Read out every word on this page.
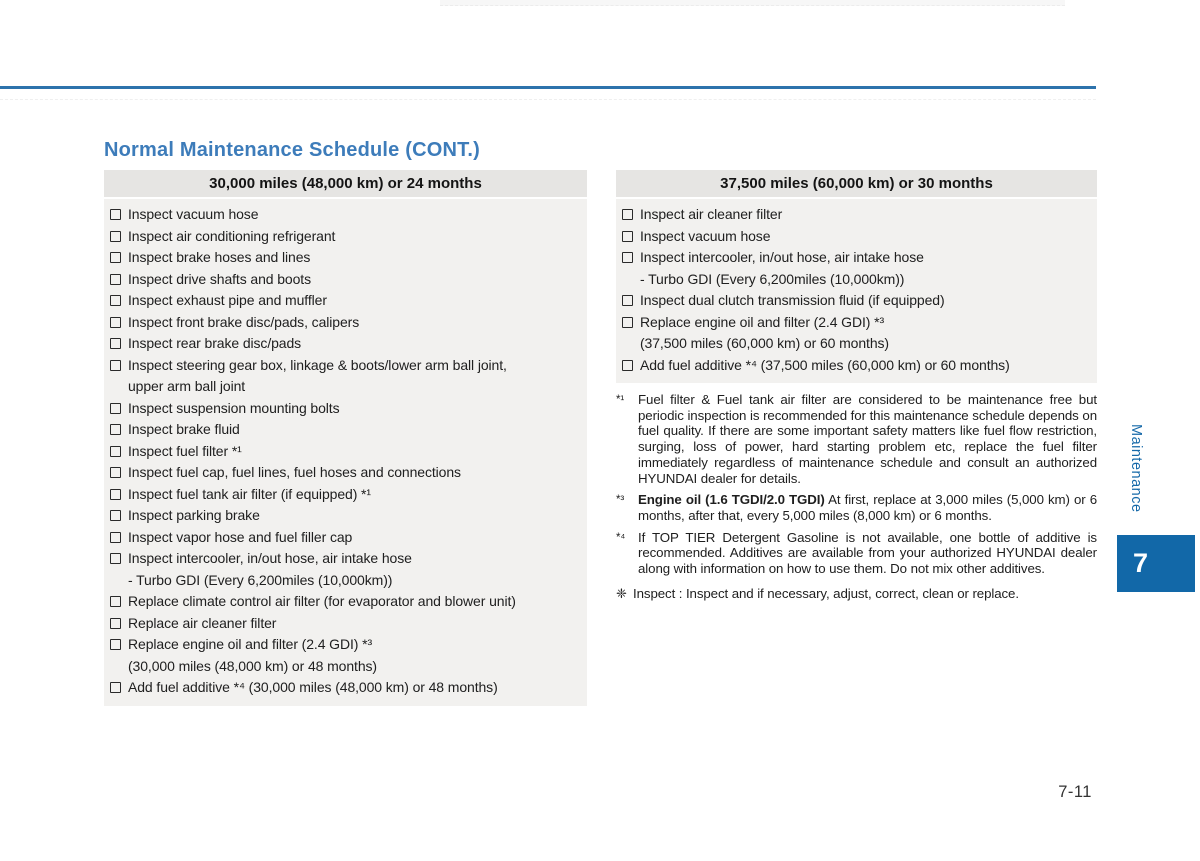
Normal Maintenance Schedule (CONT.)
30,000 miles (48,000 km) or 24 months
Inspect vacuum hose
Inspect air conditioning refrigerant
Inspect brake hoses and lines
Inspect drive shafts and boots
Inspect exhaust pipe and muffler
Inspect front brake disc/pads, calipers
Inspect rear brake disc/pads
Inspect steering gear box, linkage & boots/lower arm ball joint,
upper arm ball joint
Inspect suspension mounting bolts
Inspect brake fluid
Inspect fuel filter *¹
Inspect fuel cap, fuel lines, fuel hoses and connections
Inspect fuel tank air filter (if equipped) *¹
Inspect parking brake
Inspect vapor hose and fuel filler cap
Inspect intercooler, in/out hose, air intake hose
- Turbo GDI (Every 6,200miles (10,000km))
Replace climate control air filter (for evaporator and blower unit)
Replace air cleaner filter
Replace engine oil and filter (2.4 GDI) *³
(30,000 miles (48,000 km) or 48 months)
Add fuel additive *⁴ (30,000 miles (48,000 km) or 48 months)
37,500 miles (60,000 km) or 30 months
Inspect air cleaner filter
Inspect vacuum hose
Inspect intercooler, in/out hose, air intake hose
- Turbo GDI (Every 6,200miles (10,000km))
Inspect dual clutch transmission fluid (if equipped)
Replace engine oil and filter (2.4 GDI) *³
(37,500 miles (60,000 km) or 60 months)
Add fuel additive *⁴ (37,500 miles (60,000 km) or 60 months)
*¹	Fuel filter & Fuel tank air filter are considered to be maintenance free but periodic inspection is recommended for this maintenance schedule depends on fuel quality. If there are some important safety matters like fuel flow restriction, surging, loss of power, hard starting problem etc, replace the fuel filter immediately regardless of maintenance schedule and consult an authorized HYUNDAI dealer for details.
*³	Engine oil (1.6 TGDI/2.0 TGDI) At first, replace at 3,000 miles (5,000 km) or 6 months, after that, every 5,000 miles (8,000 km) or 6 months.
*⁴ If TOP TIER Detergent Gasoline is not available, one bottle of additive is recommended. Additives are available from your authorized HYUNDAI dealer along with information on how to use them. Do not mix other additives.
❈ Inspect : Inspect and if necessary, adjust, correct, clean or replace.
Maintenance
7
7-11
